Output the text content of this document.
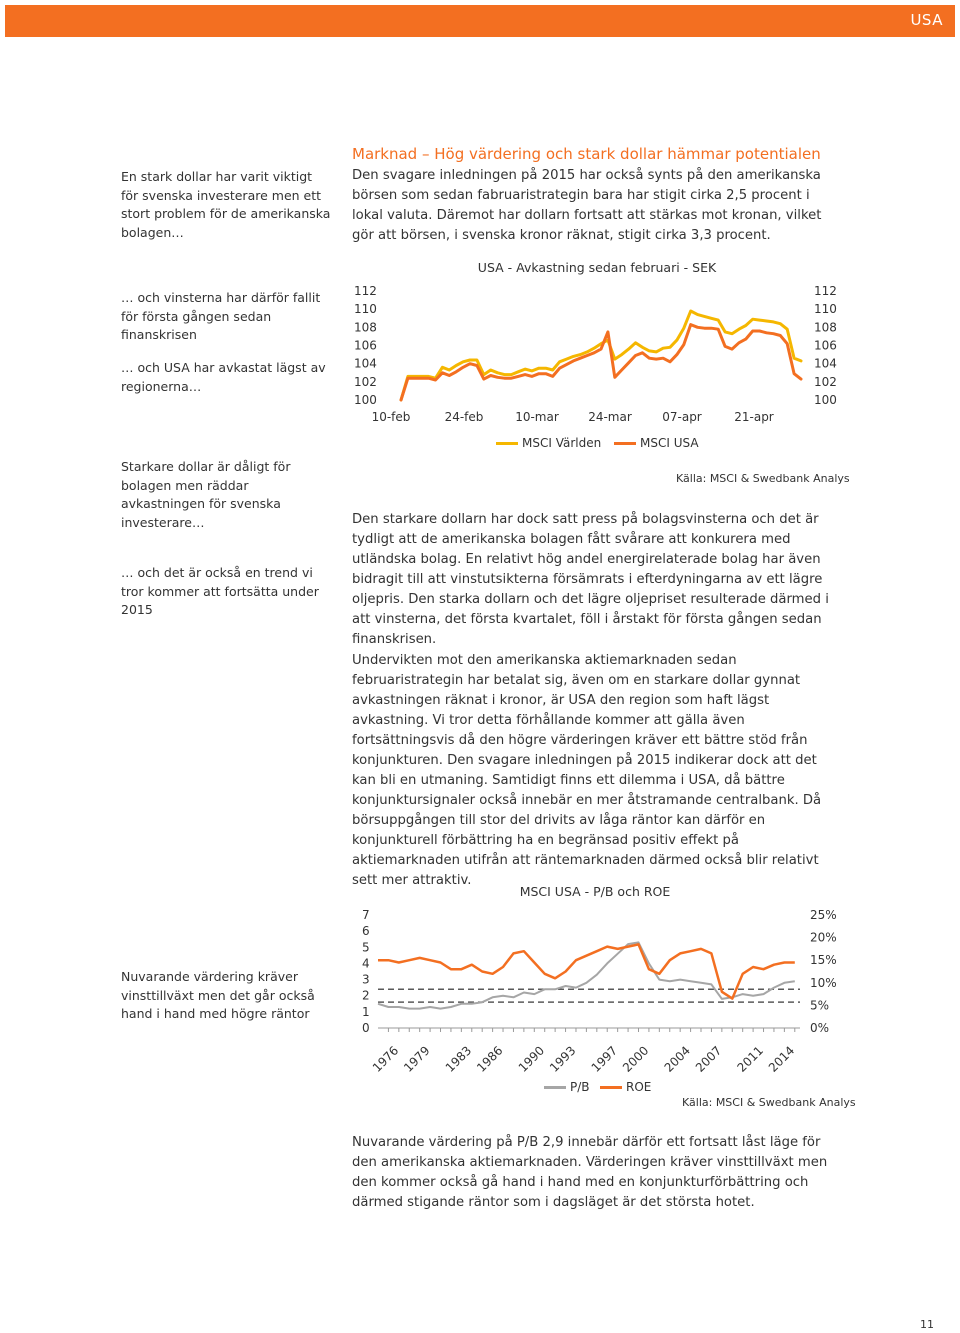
USA
En stark dollar har varit viktigt för svenska investerare men ett stort problem för de amerikanska bolagen…
… och vinsterna har därför fallit för första gången sedan finanskrisen
… och USA har avkastat lägst av regionerna…
Starkare dollar är dåligt för bolagen men räddar avkastningen för svenska investerare…
… och det är också en trend vi tror kommer att fortsätta under 2015
Nuvarande värdering kräver vinsttillväxt men det går också hand i hand med högre räntor
Marknad – Hög värdering och stark dollar hämmar potentialen
Den svagare inledningen på 2015 har också synts på den amerikanska börsen som sedan fabruaristrategin bara har stigit cirka 2,5 procent i lokal valuta. Däremot har dollarn fortsatt att stärkas mot kronan, vilket gör att börsen, i svenska kronor räknat, stigit cirka 3,3 procent.
USA - Avkastning sedan februari - SEK
112
110
108
106
104
102
100
112
110
108
106
104
102
100
10-feb	24-feb	10-mar 24-mar	07-apr	21-apr
MSCI Världen	MSCI USA
Källa: MSCI & Swedbank Analys
Den starkare dollarn har dock satt press på bolagsvinsterna och det är tydligt att de amerikanska bolagen fått svårare att konkurera med utländska bolag. En relativt hög andel energirelaterade bolag har även bidragit till att vinstutsikterna försämrats i efterdyningarna av ett lägre oljepris. Den starka dollarn och det lägre oljepriset resulterade därmed i att vinsterna, det första kvartalet, föll i årstakt för första gången sedan finanskrisen.
Undervikten mot den amerikanska aktiemarknaden sedan februaristrategin har betalat sig, även om en starkare dollar gynnat avkastningen räknat i kronor, är USA den region som haft lägst avkastning. Vi tror detta förhållande kommer att gälla även fortsättningsvis då den högre värderingen kräver ett bättre stöd från konjunkturen. Den svagare inledningen på 2015 indikerar dock att det kan bli en utmaning. Samtidigt finns ett dilemma i USA, då bättre konjunktursignaler också innebär en mer åtstramande centralbank. Då börsuppgången till stor del drivits av låga räntor kan därför en konjunkturell förbättring ha en begränsad positiv effekt på aktiemarknaden utifrån att räntemarknaden därmed också blir relativt sett mer attraktiv.
MSCI USA - P/B och ROE
7
6
5
4
3
2
1
0
25%
20%
15%
10%
5%
0%
1976 1979 1983 1986 1990 1993 1997 2000 2004 2007 2011 2014
P/B	ROE
Källa: MSCI & Swedbank Analys
Nuvarande värdering på P/B 2,9 innebär därför ett fortsatt låst läge för den amerikanska aktiemarknaden. Värderingen kräver vinsttillväxt men den kommer också gå hand i hand med en konjunkturförbättring och därmed stigande räntor som i dagsläget är det största hotet.
11
